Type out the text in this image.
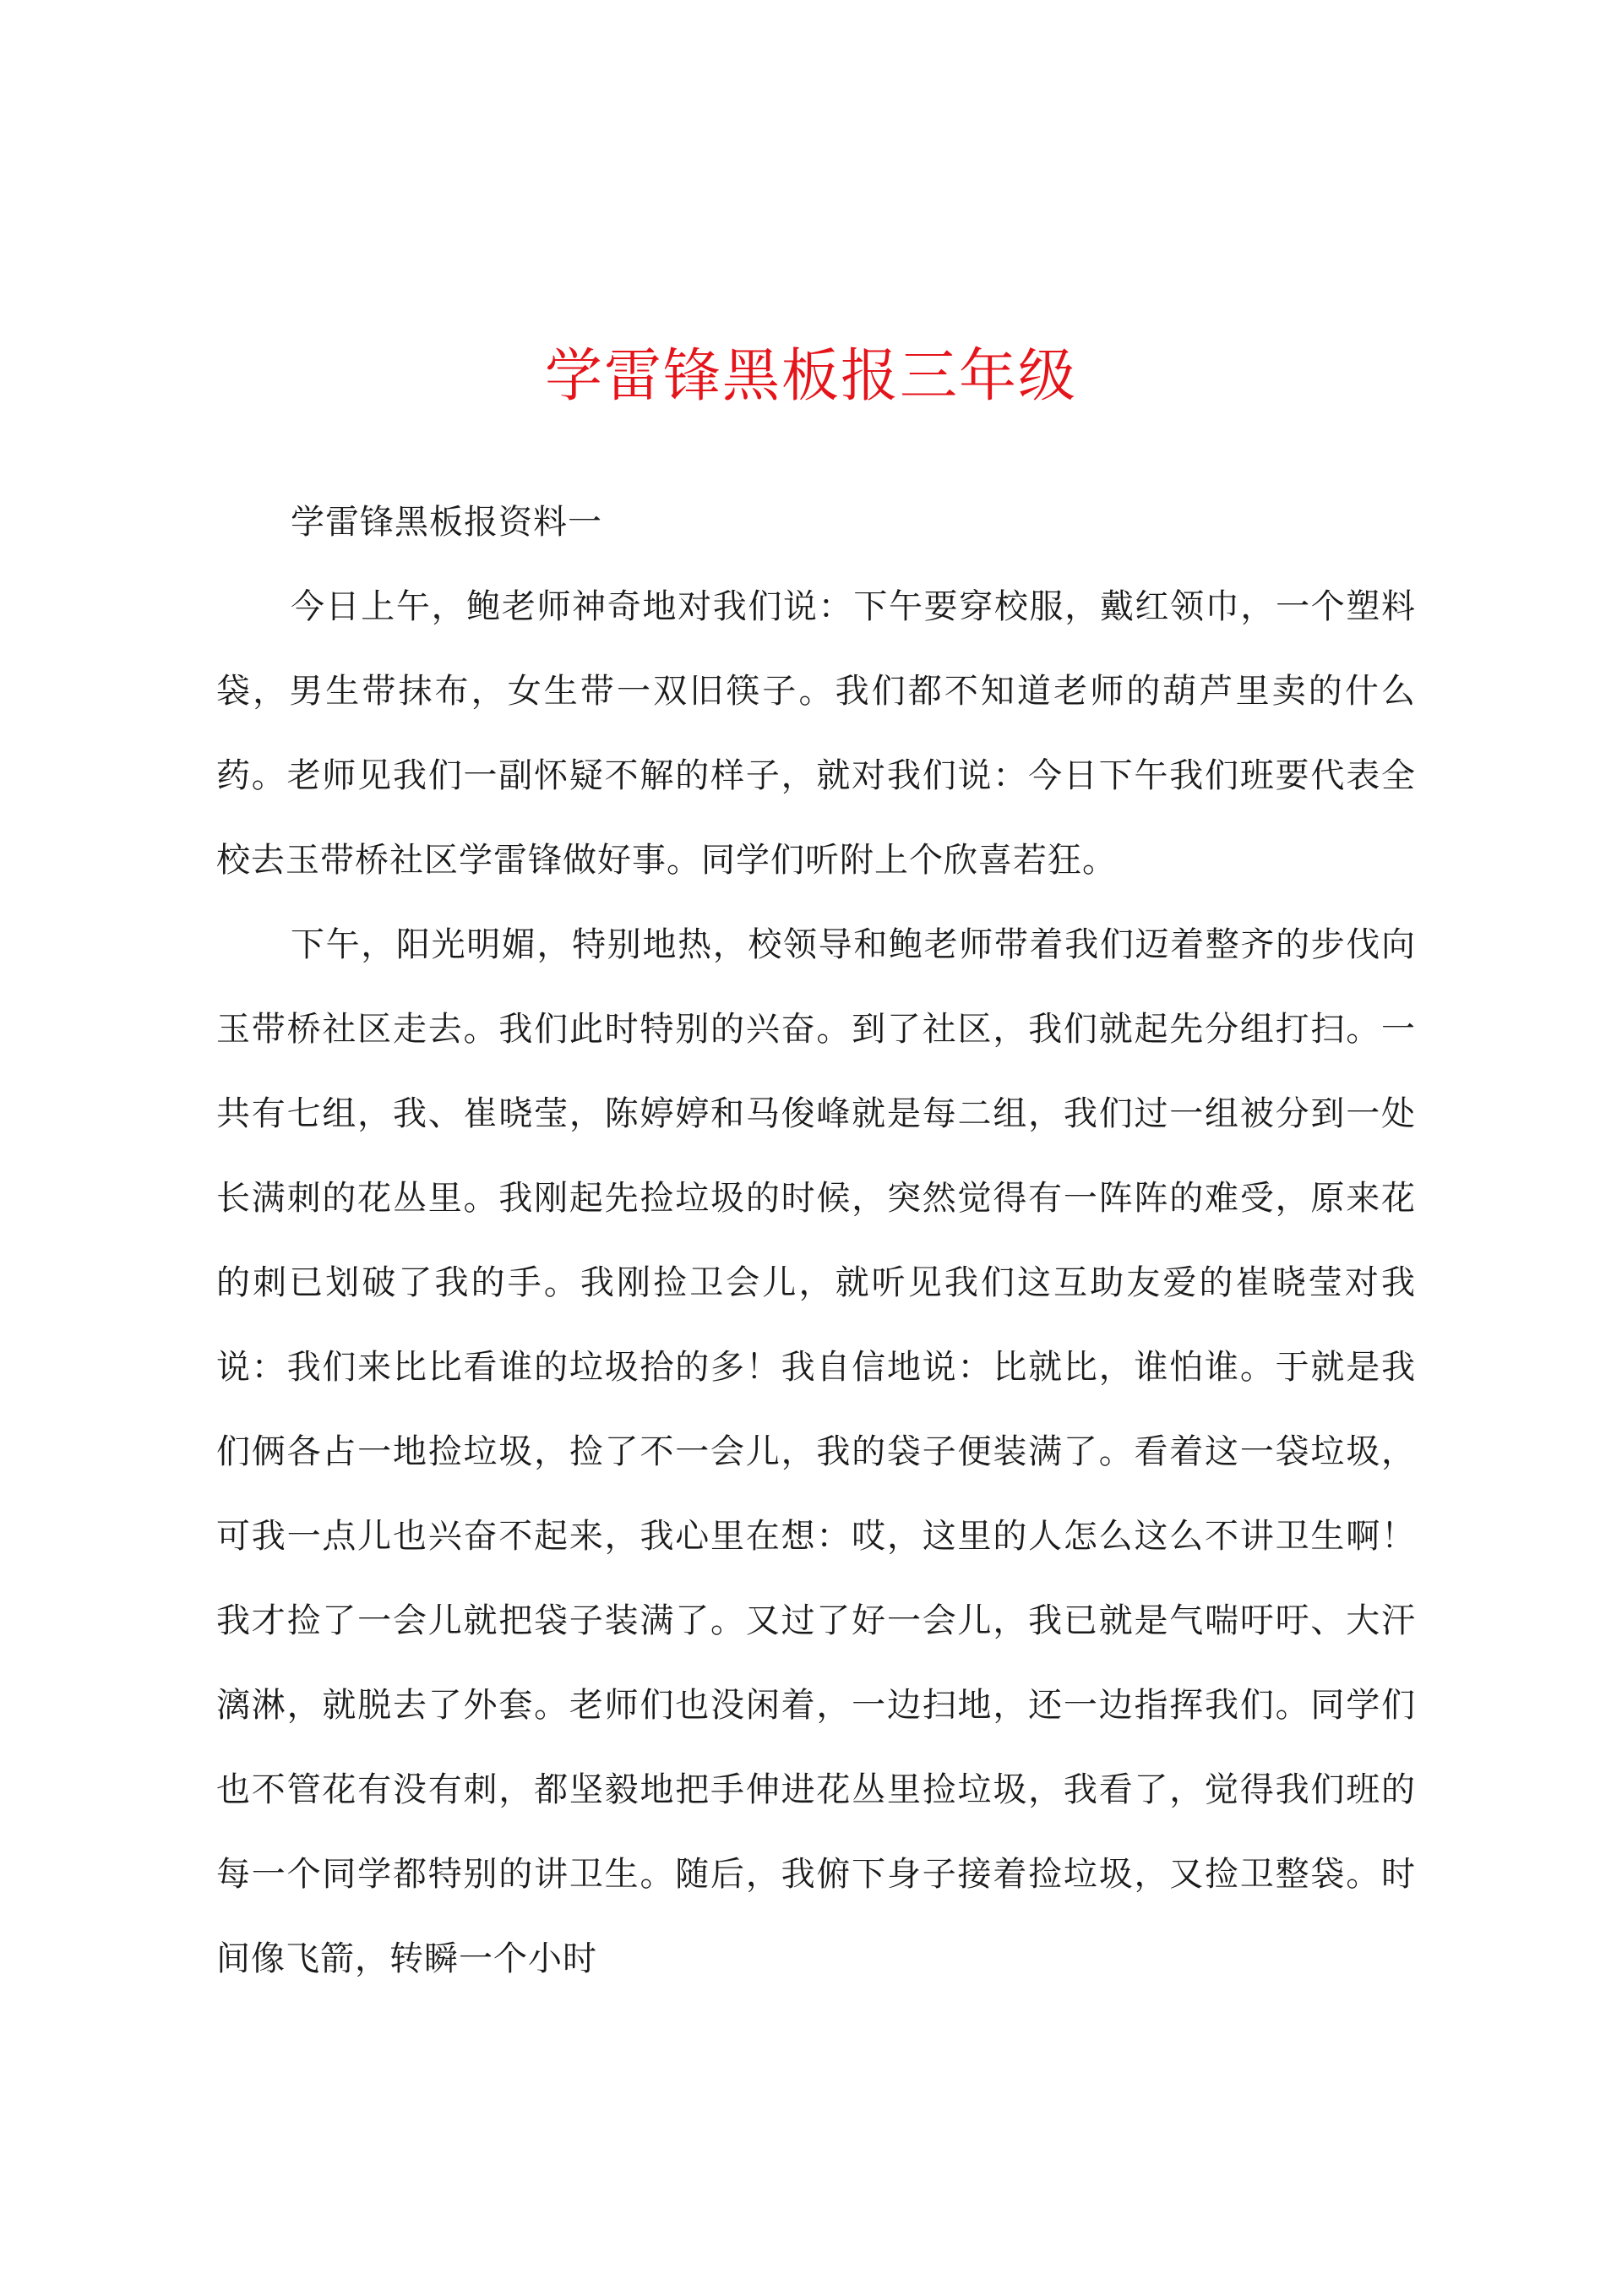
学雷锋黑板报三年级

学雷锋黑板报资料一

今日上午，鲍老师神奇地对我们说：下午要穿校服，戴红领巾，一个塑料袋，男生带抹布，女生带一双旧筷子。我们都不知道老师的葫芦里卖的什么药。老师见我们一副怀疑不解的样子，就对我们说：今日下午我们班要代表全校去玉带桥社区学雷锋做好事。同学们听附上个欣喜若狂。

下午，阳光明媚，特别地热，校领导和鲍老师带着我们迈着整齐的步伐向玉带桥社区走去。我们此时特别的兴奋。到了社区，我们就起先分组打扫。一共有七组，我、崔晓莹，陈婷婷和马俊峰就是每二组，我们过一组被分到一处长满刺的花丛里。我刚起先捡垃圾的时候，突然觉得有一阵阵的难受，原来花的刺已划破了我的手。我刚捡卫会儿，就听见我们这互助友爱的崔晓莹对我说：我们来比比看谁的垃圾拾的多！我自信地说：比就比，谁怕谁。于就是我们俩各占一地捡垃圾，捡了不一会儿，我的袋子便装满了。看着这一袋垃圾，可我一点儿也兴奋不起来，我心里在想：哎，这里的人怎么这么不讲卫生啊！我才捡了一会儿就把袋子装满了。又过了好一会儿，我已就是气喘吁吁、大汗漓淋，就脱去了外套。老师们也没闲着，一边扫地，还一边指挥我们。同学们也不管花有没有刺，都坚毅地把手伸进花丛里捡垃圾，我看了，觉得我们班的每一个同学都特别的讲卫生。随后，我俯下身子接着捡垃圾，又捡卫整袋。时间像飞箭，转瞬一个小时
